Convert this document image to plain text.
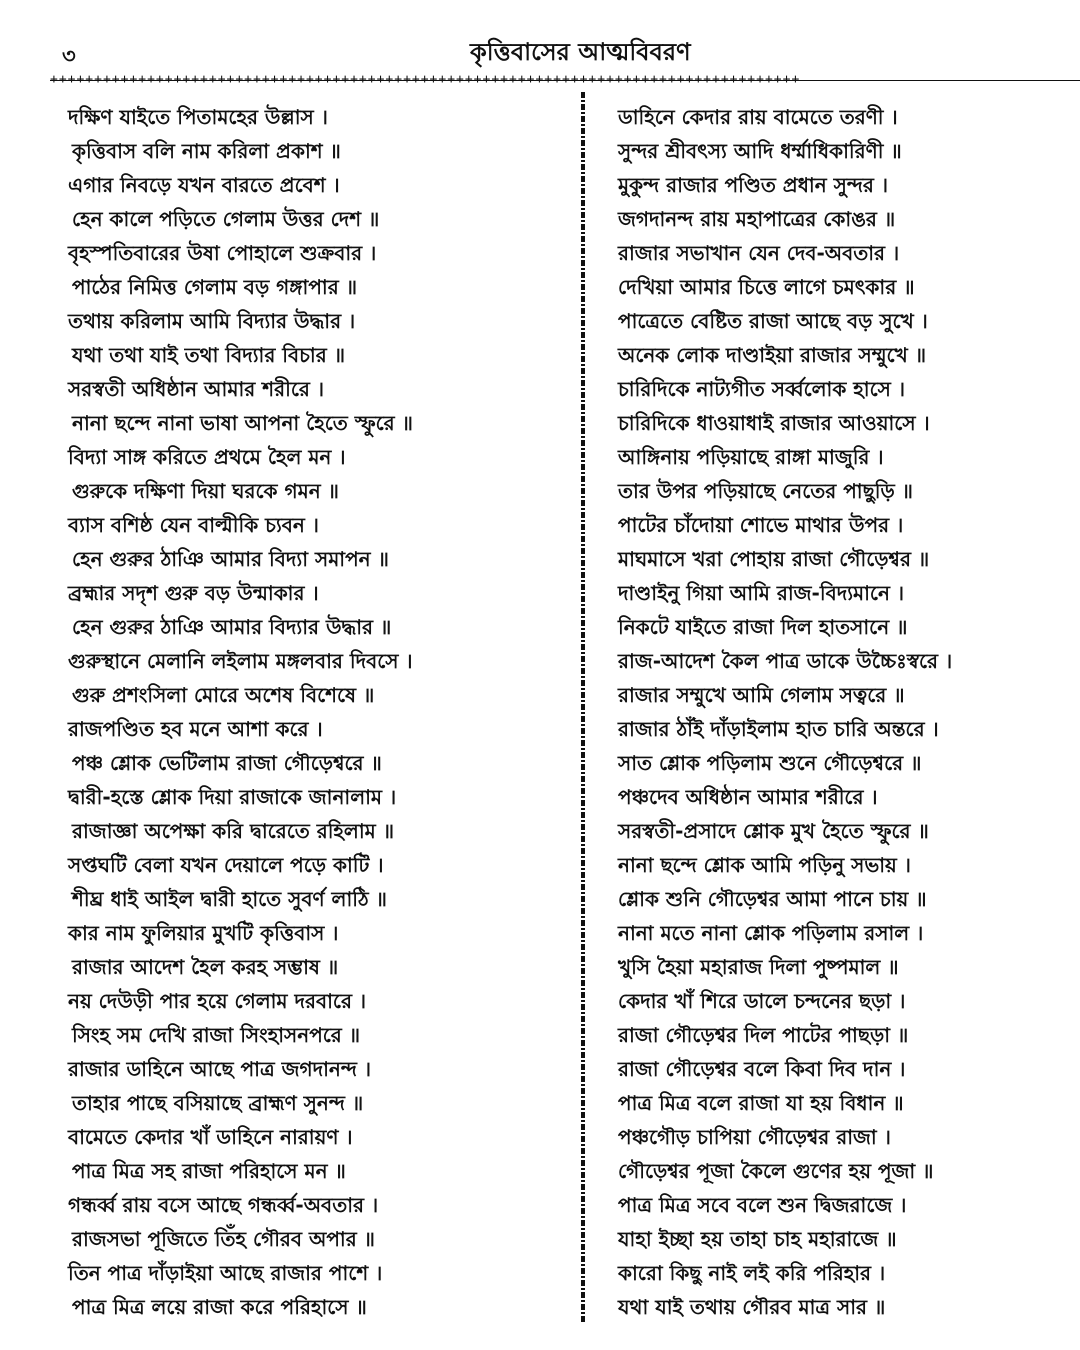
৩	কৃত্তিবাসের আত্মবিবরণ
+++++++++++++++++++++++++++++++++++++++++++++++++++++++++++++++++++++++++++++++++++++
দক্ষিণ যাইতে পিতামহের উল্লাস ।
কৃত্তিবাস বলি নাম করিলা প্রকাশ ॥
এগার নিবড়ে যখন বারতে প্রবেশ ।
হেন কালে পড়িতে গেলাম উত্তর দেশ ॥
বৃহস্পতিবারের উষা পোহালে শুক্রবার ।
পাঠের নিমিত্ত গেলাম বড় গঙ্গাপার ॥
তথায় করিলাম আমি বিদ্যার উদ্ধার ।
যথা তথা যাই তথা বিদ্যার বিচার ॥
সরস্বতী অধিষ্ঠান আমার শরীরে ।
নানা ছন্দে নানা ভাষা আপনা হৈতে স্ফুরে ॥
বিদ্যা সাঙ্গ করিতে প্রথমে হৈল মন ।
গুরুকে দক্ষিণা দিয়া ঘরকে গমন ॥
ব্যাস বশিষ্ঠ যেন বাল্মীকি চ্যবন ।
হেন গুরুর ঠাঞি আমার বিদ্যা সমাপন ॥
ব্রহ্মার সদৃশ গুরু বড় উন্মাকার ।
হেন গুরুর ঠাঞি আমার বিদ্যার উদ্ধার ॥
গুরুস্থানে মেলানি লইলাম মঙ্গলবার দিবসে ।
গুরু প্রশংসিলা মোরে অশেষ বিশেষে ॥
রাজপণ্ডিত হব মনে আশা করে ।
পঞ্চ শ্লোক ভেটিলাম রাজা গৌড়েশ্বরে ॥
দ্বারী-হস্তে শ্লোক দিয়া রাজাকে জানালাম ।
রাজাজ্ঞা অপেক্ষা করি দ্বারেতে রহিলাম ॥
সপ্তঘটি বেলা যখন দেয়ালে পড়ে কাটি ।
শীঘ্র ধাই আইল দ্বারী হাতে সুবর্ণ লাঠি ॥
কার নাম ফুলিয়ার মুখটি কৃত্তিবাস ।
রাজার আদেশ হৈল করহ সম্ভাষ ॥
নয় দেউড়ী পার হয়ে গেলাম দরবারে ।
সিংহ সম দেখি রাজা সিংহাসনপরে ॥
রাজার ডাহিনে আছে পাত্র জগদানন্দ ।
তাহার পাছে বসিয়াছে ব্রাহ্মণ সুনন্দ ॥
বামেতে কেদার খাঁ ডাহিনে নারায়ণ ।
পাত্র মিত্র সহ রাজা পরিহাসে মন ॥
গন্ধর্ব্ব রায় বসে আছে গন্ধর্ব্ব-অবতার ।
রাজসভা পূজিতে তিঁহ গৌরব অপার ॥
তিন পাত্র দাঁড়াইয়া আছে রাজার পাশে ।
পাত্র মিত্র লয়ে রাজা করে পরিহাসে ॥
ডাহিনে কেদার রায় বামেতে তরণী ।
সুন্দর শ্রীবৎস্য আদি ধর্ম্মাধিকারিণী ॥
মুকুন্দ রাজার পণ্ডিত প্রধান সুন্দর ।
জগদানন্দ রায় মহাপাত্রের কোঙর ॥
রাজার সভাখান যেন দেব-অবতার ।
দেখিয়া আমার চিত্তে লাগে চমৎকার ॥
পাত্রেতে বেষ্টিত রাজা আছে বড় সুখে ।
অনেক লোক দাণ্ডাইয়া রাজার সম্মুখে ॥
চারিদিকে নাট্যগীত সর্ব্বলোক হাসে ।
চারিদিকে ধাওয়াধাই রাজার আওয়াসে ।
আঙ্গিনায় পড়িয়াছে রাঙ্গা মাজুরি ।
তার উপর পড়িয়াছে নেতের পাছুড়ি ॥
পাটের চাঁদোয়া শোভে মাথার উপর ।
মাঘমাসে খরা পোহায় রাজা গৌড়েশ্বর ॥
দাণ্ডাইনু গিয়া আমি রাজ-বিদ্যমানে ।
নিকটে যাইতে রাজা দিল হাতসানে ॥
রাজ-আদেশ কৈল পাত্র ডাকে উচ্চৈঃস্বরে ।
রাজার সম্মুখে আমি গেলাম সত্বরে ॥
রাজার ঠাঁই দাঁড়াইলাম হাত চারি অন্তরে ।
সাত শ্লোক পড়িলাম শুনে গৌড়েশ্বরে ॥
পঞ্চদেব অধিষ্ঠান আমার শরীরে ।
সরস্বতী-প্রসাদে শ্লোক মুখ হৈতে স্ফুরে ॥
নানা ছন্দে শ্লোক আমি পড়িনু সভায় ।
শ্লোক শুনি গৌড়েশ্বর আমা পানে চায় ॥
নানা মতে নানা শ্লোক পড়িলাম রসাল ।
খুসি হৈয়া মহারাজ দিলা পুষ্পমাল ॥
কেদার খাঁ শিরে ডালে চন্দনের ছড়া ।
রাজা গৌড়েশ্বর দিল পাটের পাছড়া ॥
রাজা গৌড়েশ্বর বলে কিবা দিব দান ।
পাত্র মিত্র বলে রাজা যা হয় বিধান ॥
পঞ্চগৌড় চাপিয়া গৌড়েশ্বর রাজা ।
গৌড়েশ্বর পূজা কৈলে গুণের হয় পূজা ॥
পাত্র মিত্র সবে বলে শুন দ্বিজরাজে ।
যাহা ইচ্ছা হয় তাহা চাহ মহারাজে ॥
কারো কিছু নাই লই করি পরিহার ।
যথা যাই তথায় গৌরব মাত্র সার ॥
